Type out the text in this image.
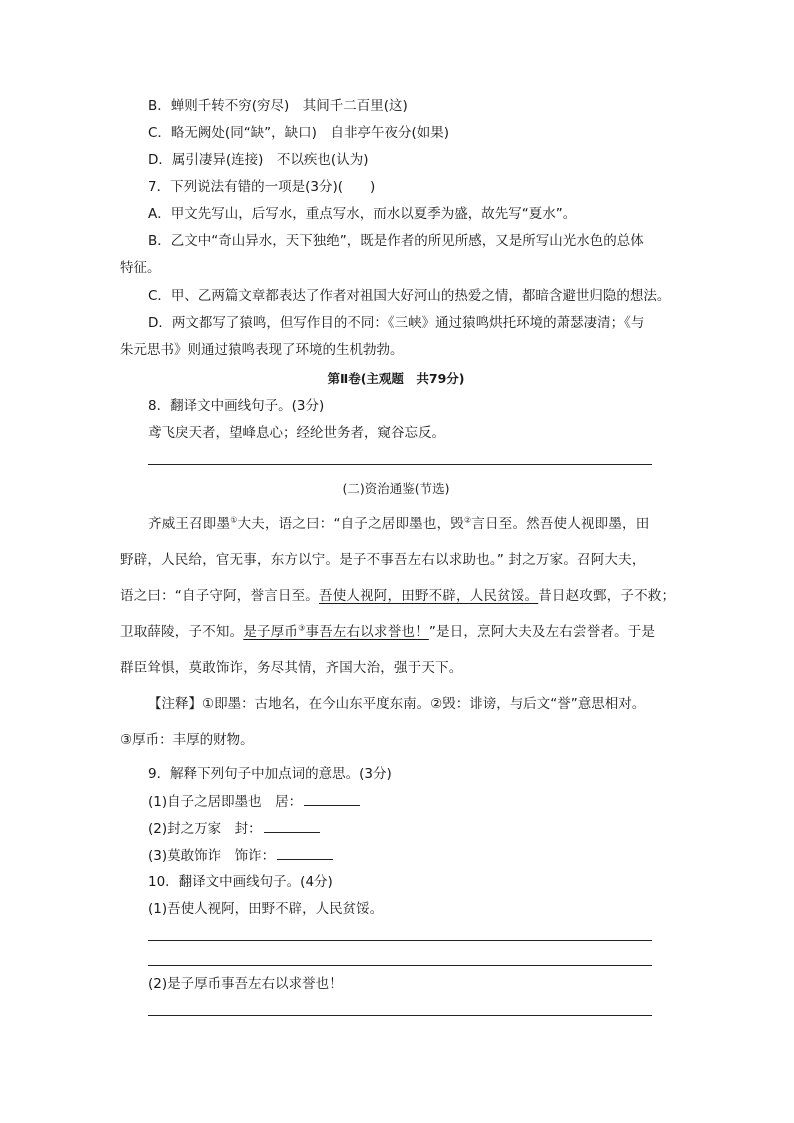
B．蝉则千转不穷(穷尽)　其间千二百里(这)
C．略无阙处(同“缺”，缺口)　自非亭午夜分(如果)
D．属引凄异(连接)　不以疾也(认为)
7．下列说法有错的一项是(3分)(　　)
A．甲文先写山，后写水，重点写水，而水以夏季为盛，故先写“夏水”。
B．乙文中“奇山异水，天下独绝”，既是作者的所见所感，又是所写山光水色的总体
特征。
C．甲、乙两篇文章都表达了作者对祖国大好河山的热爱之情，都暗含避世归隐的想法。
D．两文都写了猿鸣，但写作目的不同：《三峡》通过猿鸣烘托环境的萧瑟凄清；《与
朱元思书》则通过猿鸣表现了环境的生机勃勃。
第Ⅱ卷(主观题　共79分)
8．翻译文中画线句子。(3分)
鸢飞戾天者，望峰息心；经纶世务者，窥谷忘反。
(二)资治通鉴(节选)
齐威王召即墨①大夫，语之曰：“自子之居即墨也，毁②言日至。然吾使人视即墨，田
野辟，人民给，官无事，东方以宁。是子不事吾左右以求助也。” 封之万家。召阿大夫，
语之曰：“自子守阿，誉言日至。吾使人视阿，田野不辟，人民贫馁。昔日赵攻鄄，子不救；
卫取薛陵，子不知。是子厚币③事吾左右以求誉也！”是日，烹阿大夫及左右尝誉者。于是
群臣耸惧，莫敢饰诈，务尽其情，齐国大治，强于天下。
【注释】①即墨：古地名，在今山东平度东南。②毁：诽谤，与后文“誉”意思相对。
③厚币：丰厚的财物。
9．解释下列句子中加点词的意思。(3分)
(1)自子之居即墨也　居：
(2)封之万家　封：
(3)莫敢饰诈　饰诈：
10．翻译文中画线句子。(4分)
(1)吾使人视阿，田野不辟，人民贫馁。
(2)是子厚币事吾左右以求誉也！
